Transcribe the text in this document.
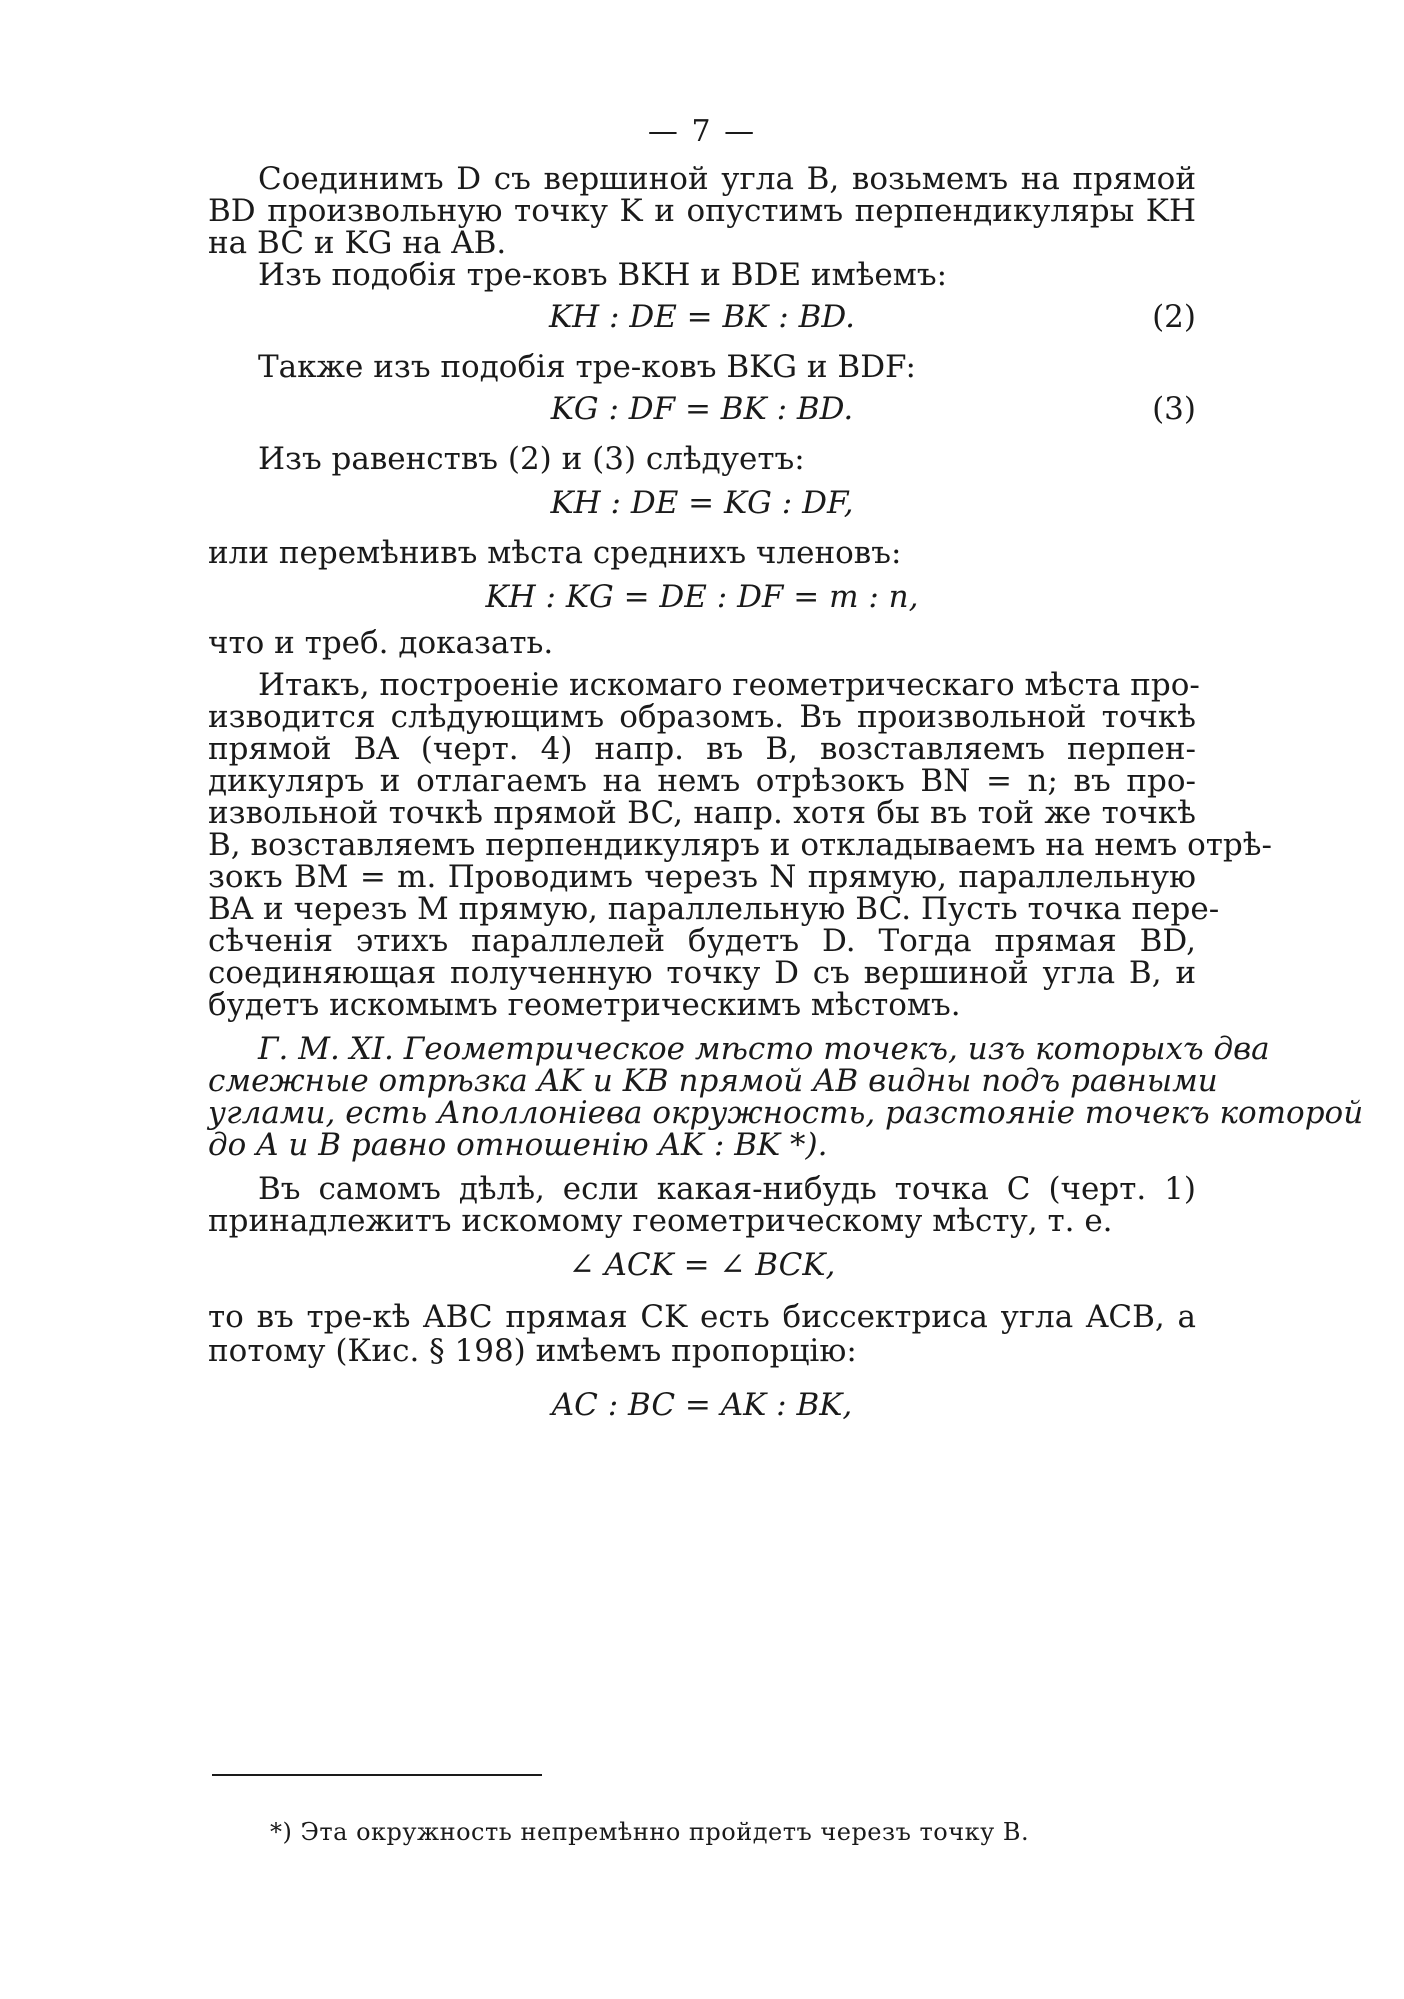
— 7 —
Соединимъ D съ вершиной угла B, возьмемъ на прямой
BD произвольную точку K и опустимъ перпендикуляры KH
на BC и KG на AB.
Изъ подобія тре-ковъ BKH и BDE имѣемъ:
KH : DE = BK : BD.	(2)
Также изъ подобія тре-ковъ BKG и BDF:
KG : DF = BK : BD.	(3)
Изъ равенствъ (2) и (3) слѣдуетъ:
KH : DE = KG : DF,
или перемѣнивъ мѣста среднихъ членовъ:
KH : KG = DE : DF = m : n,
что и треб. доказать.
Итакъ, построеніе искомаго геометрическаго мѣста про-
изводится слѣдующимъ образомъ. Въ произвольной точкѣ
прямой BA (черт. 4) напр. въ B, возставляемъ перпен-
дикуляръ и отлагаемъ на немъ отрѣзокъ BN = n; въ про-
извольной точкѣ прямой BC, напр. хотя бы въ той же точкѣ
B, возставляемъ перпендикуляръ и откладываемъ на немъ отрѣ-
зокъ BM = m. Проводимъ черезъ N прямую, параллельную
BA и черезъ M прямую, параллельную BC. Пусть точка пере-
сѣченія этихъ параллелей будетъ D. Тогда прямая BD,
соединяющая полученную точку D съ вершиной угла B, и
будетъ искомымъ геометрическимъ мѣстомъ.
Г. М. XI. Геометрическое мѣсто точекъ, изъ которыхъ два
смежные отрѣзка AK и KB прямой AB видны подъ равными
углами, есть Аполлоніева окружность, разстояніе точекъ которой
до A и B равно отношенію AK : BK *).
Въ самомъ дѣлѣ, если какая-нибудь точка C (черт. 1)
принадлежитъ искомому геометрическому мѣсту, т. е.
∠ ACK = ∠ BCK,
то въ тре-кѣ ABC прямая CK есть биссектриса угла ACB, а
потому (Кис. § 198) имѣемъ пропорцію:
AC : BC = AK : BK,
*) Эта окружность непремѣнно пройдетъ черезъ точку B.
